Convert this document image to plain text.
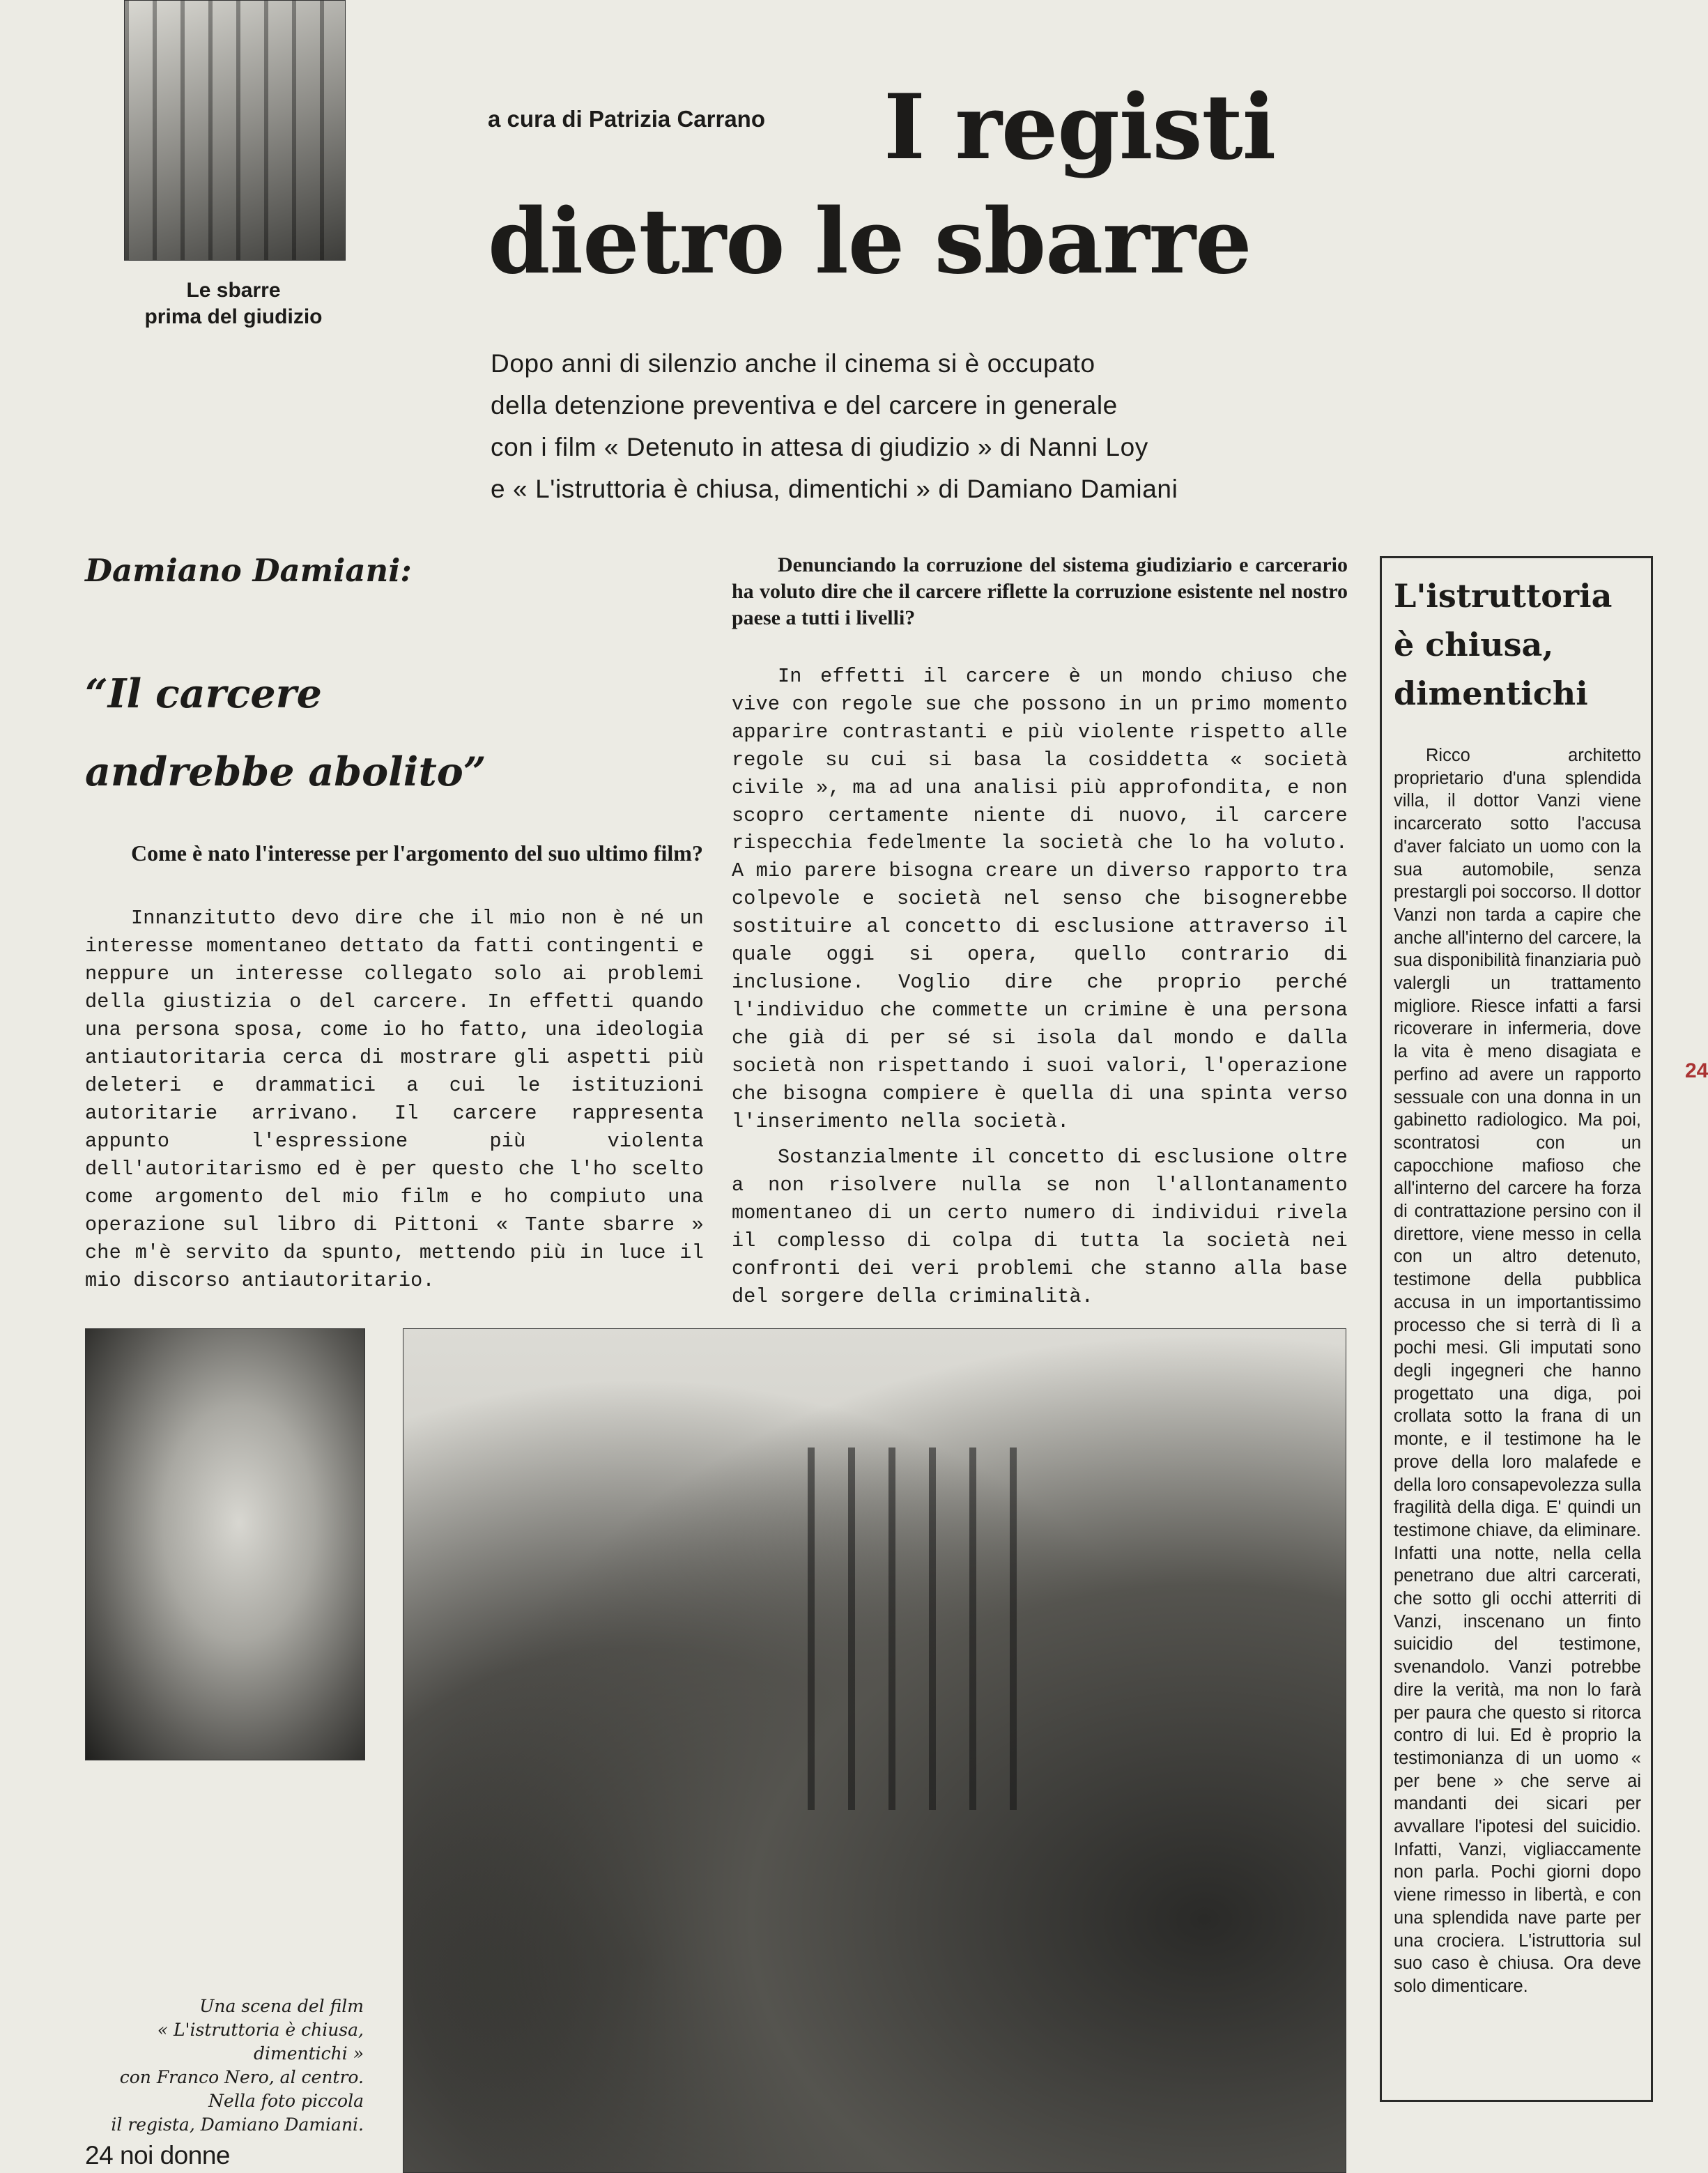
Le sbarre
prima del giudizio
a cura di Patrizia Carrano I registi
dietro le sbarre
Dopo anni di silenzio anche il cinema si è occupato
della detenzione preventiva e del carcere in generale
con i film « Detenuto in attesa di giudizio » di Nanni Loy
e « L'istruttoria è chiusa, dimentichi » di Damiano Damiani
Damiano Damiani:
“Il carcere
andrebbe abolito”
Come è nato l'interesse per l'argomento del suo ultimo film?

Innanzitutto devo dire che il mio non è né un interesse momentaneo dettato da fatti contingenti e neppure un interesse collegato solo ai problemi della giustizia o del carcere. In effetti quando una persona sposa, come io ho fatto, una ideologia antiautoritaria cerca di mostrare gli aspetti più deleteri e drammatici a cui le istituzioni autoritarie arrivano. Il carcere rappresenta appunto l'espressione più violenta dell'autoritarismo ed è per questo che l'ho scelto come argomento del mio film e ho compiuto una operazione sul libro di Pittoni « Tante sbarre » che m'è servito da spunto, mettendo più in luce il mio discorso antiautoritario.

Denunciando la corruzione del sistema giudiziario e carcerario ha voluto dire che il carcere riflette la corruzione esistente nel nostro paese a tutti i livelli?

In effetti il carcere è un mondo chiuso che vive con regole sue che possono in un primo momento apparire contrastanti e più violente rispetto alle regole su cui si basa la cosiddetta « società civile », ma ad una analisi più approfondita, e non scopro certamente niente di nuovo, il carcere rispecchia fedelmente la società che lo ha voluto. A mio parere bisogna creare un diverso rapporto tra colpevole e società nel senso che bisognerebbe sostituire al concetto di esclusione attraverso il quale oggi si opera, quello contrario di inclusione. Voglio dire che proprio perché l'individuo che commette un crimine è una persona che già di per sé si isola dal mondo e dalla società non rispettando i suoi valori, l'operazione che bisogna compiere è quella di una spinta verso l'inserimento nella società.

Sostanzialmente il concetto di esclusione oltre a non risolvere nulla se non l'allontanamento momentaneo di un certo numero di individui rivela il complesso di colpa di tutta la società nei confronti dei veri problemi che stanno alla base del sorgere della criminalità.

L'istruttoria
è chiusa,
dimentichi

Ricco architetto proprietario d'una splendida villa, il dottor Vanzi viene incarcerato sotto l'accusa d'aver falciato un uomo con la sua automobile, senza prestargli poi soccorso. Il dottor Vanzi non tarda a capire che anche all'interno del carcere, la sua disponibilità finanziaria può valergli un trattamento migliore. Riesce infatti a farsi ricoverare in infermeria, dove la vita è meno disagiata e perfino ad avere un rapporto sessuale con una donna in un gabinetto radiologico. Ma poi, scontratosi con un capocchione mafioso che all'interno del carcere ha forza di contrattazione persino con il direttore, viene messo in cella con un altro detenuto, testimone della pubblica accusa in un importantissimo processo che si terrà di lì a pochi mesi. Gli imputati sono degli ingegneri che hanno progettato una diga, poi crollata sotto la frana di un monte, e il testimone ha le prove della loro malafede e della loro consapevolezza sulla fragilità della diga. E' quindi un testimone chiave, da eliminare. Infatti una notte, nella cella penetrano due altri carcerati, che sotto gli occhi atterriti di Vanzi, inscenano un finto suicidio del testimone, svenandolo. Vanzi potrebbe dire la verità, ma non lo farà per paura che questo si ritorca contro di lui. Ed è proprio la testimonianza di un uomo « per bene » che serve ai mandanti dei sicari per avvallare l'ipotesi del suicidio. Infatti, Vanzi, vigliaccamente non parla. Pochi giorni dopo viene rimesso in libertà, e con una splendida nave parte per una crociera. L'istruttoria sul suo caso è chiusa. Ora deve solo dimenticare.

Una scena del film
« L'istruttoria è chiusa,
dimentichi »
con Franco Nero, al centro.
Nella foto piccola
il regista, Damiano Damiani.
24 noi donne
24
